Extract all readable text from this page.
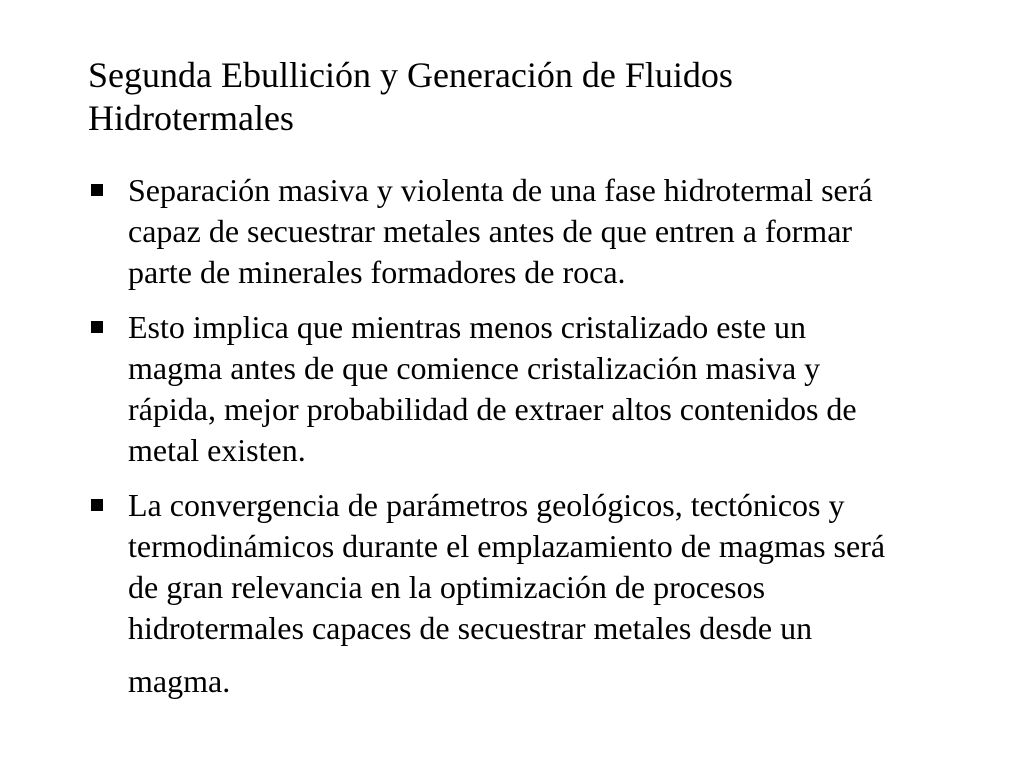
Segunda Ebullición y Generación de Fluidos
Hidrotermales
Separación masiva y violenta de una fase hidrotermal será
capaz de secuestrar metales antes de que entren a formar
parte de minerales formadores de roca.
Esto implica que mientras menos cristalizado este un
magma antes de que comience cristalización masiva y
rápida, mejor probabilidad de extraer altos contenidos de
metal existen.
La convergencia de parámetros geológicos, tectónicos y
termodinámicos durante el emplazamiento de magmas será
de gran relevancia en la optimización de procesos
hidrotermales capaces de secuestrar metales desde un
magma.
